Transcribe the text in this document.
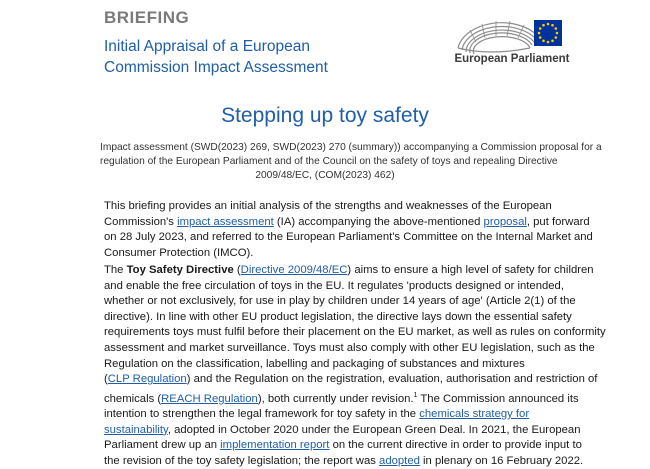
BRIEFING
Initial Appraisal of a European
Commission Impact Assessment	European Parliament
Stepping up toy safety
Impact assessment (SWD(2023) 269, SWD(2023) 270 (summary)) accompanying a Commission proposal for a
regulation of the European Parliament and of the Council on the safety of toys and repealing Directive
2009/48/EC, (COM(2023) 462)
This briefing provides an initial analysis of the strengths and weaknesses of the European
Commission's impact assessment (IA) accompanying the above-mentioned proposal, put forward
on 28 July 2023, and referred to the European Parliament's Committee on the Internal Market and
Consumer Protection (IMCO).
The Toy Safety Directive (Directive 2009/48/EC) aims to ensure a high level of safety for children
and enable the free circulation of toys in the EU. It regulates 'products designed or intended,
whether or not exclusively, for use in play by children under 14 years of age' (Article 2(1) of the
directive). In line with other EU product legislation, the directive lays down the essential safety
requirements toys must fulfil before their placement on the EU market, as well as rules on conformity
assessment and market surveillance. Toys must also comply with other EU legislation, such as the
Regulation on the classification, labelling and packaging of substances and mixtures
(CLP Regulation) and the Regulation on the registration, evaluation, authorisation and restriction of
chemicals (REACH Regulation), both currently under revision.$^1$ The Commission announced its
intention to strengthen the legal framework for toy safety in the chemicals strategy for
sustainability, adopted in October 2020 under the European Green Deal. In 2021, the European
Parliament drew up an implementation report on the current directive in order to provide input to
the revision of the toy safety legislation; the report was adopted in plenary on 16 February 2022.
